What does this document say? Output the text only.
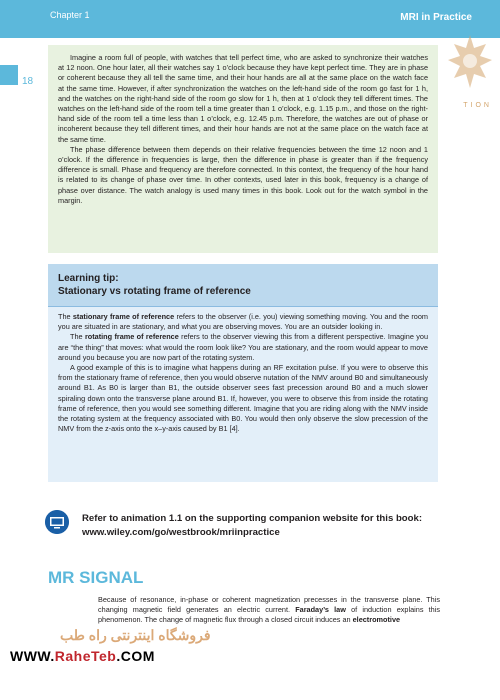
Chapter 1	MRI in Practice
18
TION

Imagine a room full of people, with watches that tell perfect time, who are asked to synchronize their watches at 12 noon. One hour later, all their watches say 1 o’clock because they have kept perfect time. They are in phase or coherent because they all tell the same time, and their hour hands are all at the same place on the watch face at the same time. However, if after synchronization the watches on the left-hand side of the room go fast for 1 h, and the watches on the right-hand side of the room go slow for 1 h, then at 1 o’clock they tell different times. The watches on the left-hand side of the room tell a time greater than 1 o’clock, e.g. 1.15 p.m., and those on the right-hand side of the room tell a time less than 1 o’clock, e.g. 12.45 p.m. Therefore, the watches are out of phase or incoherent because they tell different times, and their hour hands are not at the same place on the watch face at the same time.

The phase difference between them depends on their relative frequencies between the time 12 noon and 1 o’clock. If the difference in frequencies is large, then the difference in phase is greater than if the frequency difference is small. Phase and frequency are therefore connected. In this context, the frequency of the hour hand is related to its change of phase over time. In other contexts, used later in this book, frequency is a change of phase over distance. The watch analogy is used many times in this book. Look out for the watch symbol in the margin.

Learning tip:
Stationary vs rotating frame of reference

The stationary frame of reference refers to the observer (i.e. you) viewing something moving. You and the room you are situated in are stationary, and what you are observing moves. You are an outsider looking in.

The rotating frame of reference refers to the observer viewing this from a different perspective. Imagine you are “the thing” that moves: what would the room look like? You are stationary, and the room would appear to move around you because you are now part of the rotating system.

A good example of this is to imagine what happens during an RF excitation pulse. If you were to observe this from the stationary frame of reference, then you would observe nutation of the NMV around B0 and simultaneously around B1. As B0 is larger than B1, the outside observer sees fast precession around B0 and a much slower spiraling down onto the transverse plane around B1. If, however, you were to observe this from inside the rotating frame of reference, then you would see something different. Imagine that you are riding along with the NMV inside the rotating system at the frequency associated with B0. You would then only observe the slow precession of the NMV from the z-axis onto the x–y-axis caused by B1 [4].

Refer to animation 1.1 on the supporting companion website for this book:
www.wiley.com/go/westbrook/mriinpractice
MR SIGNAL
Because of resonance, in-phase or coherent magnetization precesses in the transverse plane. This changing magnetic field generates an electric current. Faraday’s law of induction explains this phenomenon. The change of magnetic flux through a closed circuit induces an electromotive
فروشگاه اینترنتی راه طب
WWW.RaheTeb.COM
